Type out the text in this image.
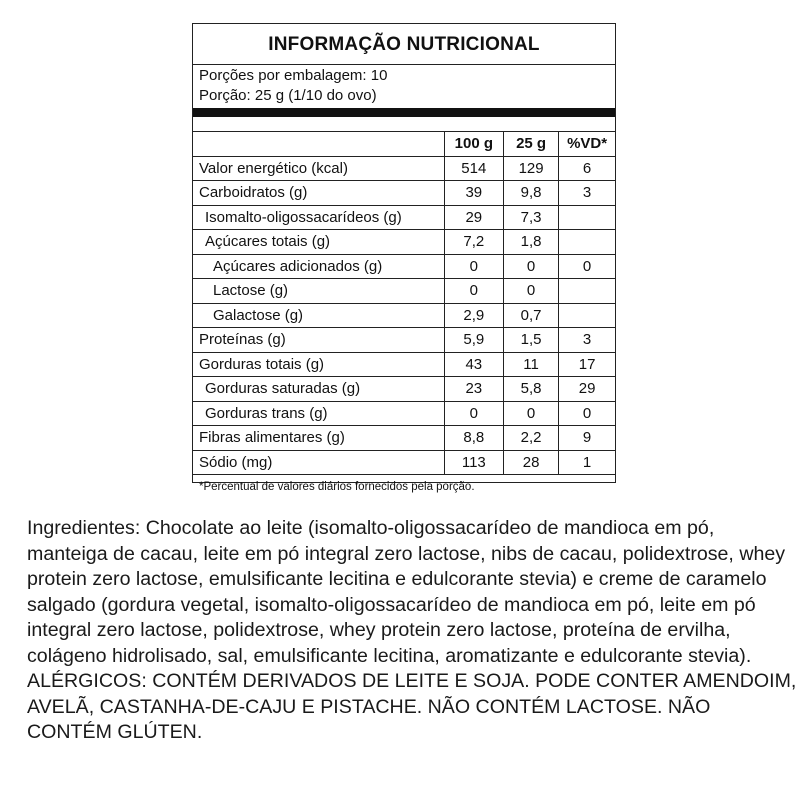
INFORMAÇÃO NUTRICIONAL
Porções por embalagem: 10
Porção: 25 g (1/10 do ovo)
	100 g	25 g	%VD*
Valor energético (kcal)	514	129	6
Carboidratos (g)	39	9,8	3
Isomalto-oligossacarídeos (g)	29	7,3	
Açúcares totais (g)	7,2	1,8	
Açúcares adicionados (g)	0	0	0
Lactose (g)	0	0	
Galactose (g)	2,9	0,7	
Proteínas (g)	5,9	1,5	3
Gorduras totais (g)	43	11	17
Gorduras saturadas (g)	23	5,8	29
Gorduras trans (g)	0	0	0
Fibras alimentares (g)	8,8	2,2	9
Sódio (mg)	113	28	1
*Percentual de valores diários fornecidos pela porção.
Ingredientes: Chocolate ao leite (isomalto-oligossacarídeo de mandioca em pó, manteiga de cacau, leite em pó integral zero lactose, nibs de cacau, polidextrose, whey protein zero lactose, emulsificante lecitina e edulcorante stevia) e creme de caramelo salgado (gordura vegetal, isomalto-oligossacarídeo de mandioca em pó, leite em pó integral zero lactose, polidextrose, whey protein zero lactose, proteína de ervilha, colágeno hidrolisado, sal, emulsificante lecitina, aromatizante e edulcorante stevia). ALÉRGICOS: CONTÉM DERIVADOS DE LEITE E SOJA. PODE CONTER AMENDOIM, AVELÃ, CASTANHA-DE-CAJU E PISTACHE. NÃO CONTÉM LACTOSE. NÃO CONTÉM GLÚTEN.
